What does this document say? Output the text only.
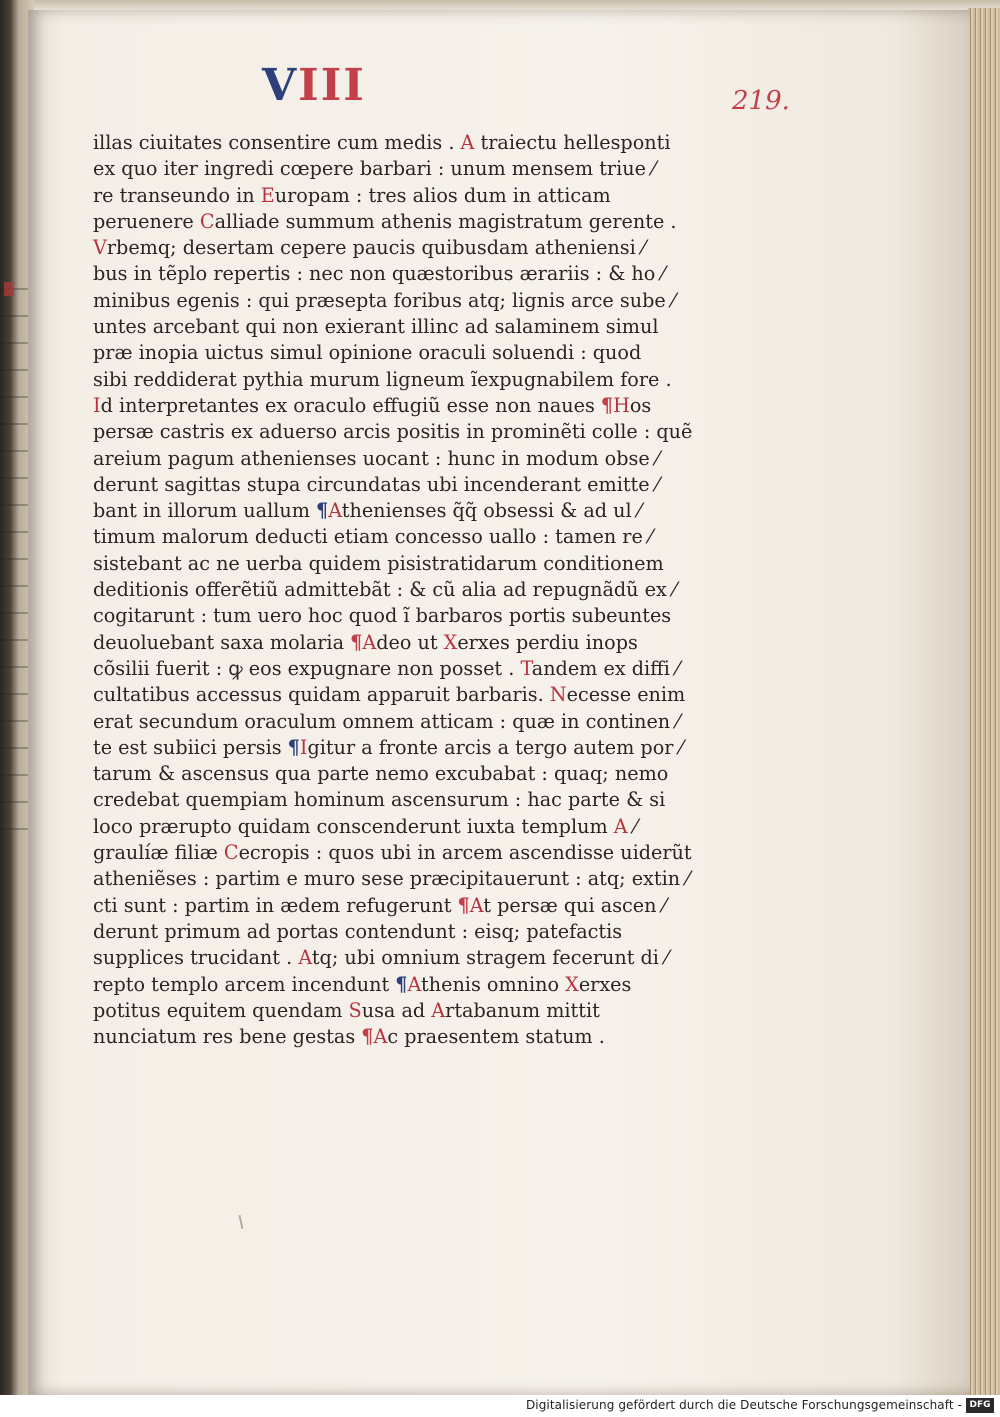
VIII	219.
illas ciuitates consentire cum medis . A traiectu hellesponti
ex quo iter ingredi cœpere barbari : unum mensem triue ⁄
re transeundo in Europam : tres alios dum in atticam
peruenere Calliade summum athenis magistratum gerente .
Vrbemq; desertam cepere paucis quibusdam atheniensi ⁄
bus in tẽplo repertis : nec non quæstoribus ærariis : & ho ⁄
minibus egenis : qui præsepta foribus atq; lignis arce sube ⁄
untes arcebant qui non exierant illinc ad salaminem simul
præ inopia uictus simul opinione oraculi soluendi : quod
sibi reddiderat pythia murum ligneum ĩexpugnabilem fore .
Id interpretantes ex oraculo effugiũ esse non naues ¶Hos
persæ castris ex aduerso arcis positis in prominẽti colle : quẽ
areium pagum athenienses uocant : hunc in modum obse ⁄
derunt sagittas stupa circundatas ubi incenderant emitte ⁄
bant in illorum uallum ¶Athenienses q̃q̃ obsessi & ad ul ⁄
timum malorum deducti etiam concesso uallo : tamen re ⁄
sistebant ac ne uerba quidem pisistratidarum conditionem
deditionis offerẽtiũ admittebãt : & cũ alia ad repugnãdũ ex ⁄
cogitarunt : tum uero hoc quod ĩ barbaros portis subeuntes
deuoluebant saxa molaria ¶Adeo ut Xerxes perdiu inops
cõsilii fuerit : ꝙ eos expugnare non posset . Tandem ex diffi ⁄
cultatibus accessus quidam apparuit barbaris. Necesse enim
erat secundum oraculum omnem atticam : quæ in continen ⁄
te est subiici persis ¶Igitur a fronte arcis a tergo autem por ⁄
tarum & ascensus qua parte nemo excubabat : quaq; nemo
credebat quempiam hominum ascensurum : hac parte & si
loco prærupto quidam conscenderunt iuxta templum A ⁄
graulíæ filiæ Cecropis : quos ubi in arcem ascendisse uiderũt
atheniẽses : partim e muro sese præcipitauerunt : atq; extin ⁄
cti sunt : partim in ædem refugerunt ¶At persæ qui ascen ⁄
derunt primum ad portas contendunt : eisq; patefactis
supplices trucidant . Atq; ubi omnium stragem fecerunt di ⁄
repto templo arcem incendunt ¶Athenis omnino Xerxes
potitus equitem quendam Susa ad Artabanum mittit
nunciatum res bene gestas ¶Ac praesentem statum .
Digitalisierung gefördert durch die Deutsche Forschungsgemeinschaft - DFG
